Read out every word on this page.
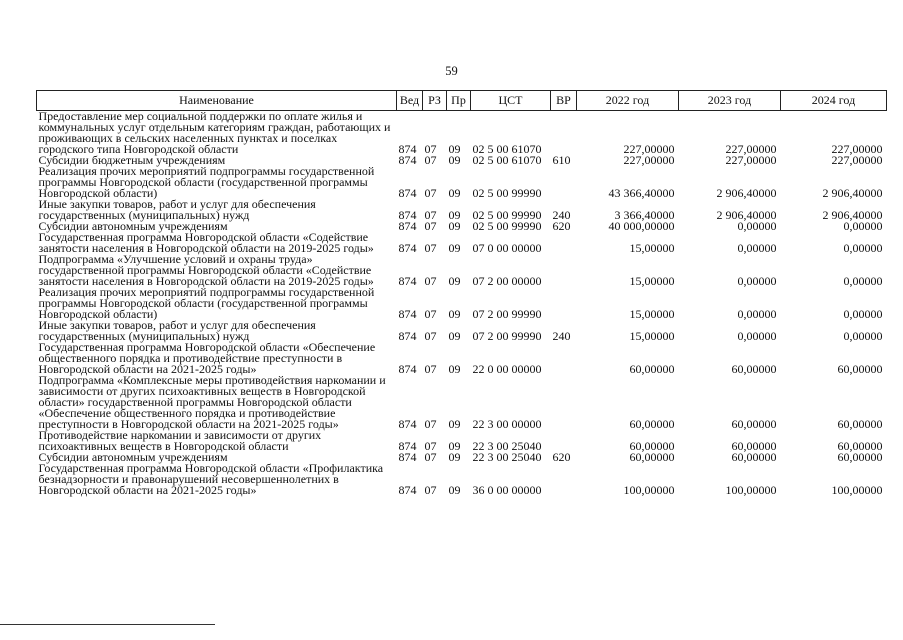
59
Наименование	Вед	РЗ	Пр	ЦСТ	ВР	2022 год	2023 год	2024 год
Предоставление мер социальной поддержки по оплате жилья и коммунальных услуг отдельным категориям граждан, работающих и проживающих в сельских населенных пунктах и поселках городского типа Новгородской области	874	07	09	02 5 00 61070		227,00000	227,00000	227,00000
Субсидии бюджетным учреждениям	874	07	09	02 5 00 61070	610	227,00000	227,00000	227,00000
Реализация прочих мероприятий подпрограммы государственной программы Новгородской области (государственной программы Новгородской области)	874	07	09	02 5 00 99990		43 366,40000	2 906,40000	2 906,40000
Иные закупки товаров, работ и услуг для обеспечения государственных (муниципальных) нужд	874	07	09	02 5 00 99990	240	3 366,40000	2 906,40000	2 906,40000
Субсидии автономным учреждениям	874	07	09	02 5 00 99990	620	40 000,00000	0,00000	0,00000
Государственная программа Новгородской области «Содействие занятости населения в Новгородской области на 2019-2025 годы»	874	07	09	07 0 00 00000		15,00000	0,00000	0,00000
Подпрограмма «Улучшение условий и охраны труда» государственной программы Новгородской области «Содействие занятости населения в Новгородской области на 2019-2025 годы»	874	07	09	07 2 00 00000		15,00000	0,00000	0,00000
Реализация прочих мероприятий подпрограммы государственной программы Новгородской области (государственной программы Новгородской области)	874	07	09	07 2 00 99990		15,00000	0,00000	0,00000
Иные закупки товаров, работ и услуг для обеспечения государственных (муниципальных) нужд	874	07	09	07 2 00 99990	240	15,00000	0,00000	0,00000
Государственная программа Новгородской области «Обеспечение общественного порядка и противодействие преступности в Новгородской области на 2021-2025 годы»	874	07	09	22 0 00 00000		60,00000	60,00000	60,00000
Подпрограмма «Комплексные меры противодействия наркомании и зависимости от других психоактивных веществ в Новгородской области» государственной программы Новгородской области «Обеспечение общественного порядка и противодействие преступности в Новгородской области на 2021-2025 годы»	874	07	09	22 3 00 00000		60,00000	60,00000	60,00000
Противодействие наркомании и зависимости от других психоактивных веществ в Новгородской области	874	07	09	22 3 00 25040		60,00000	60,00000	60,00000
Субсидии автономным учреждениям	874	07	09	22 3 00 25040	620	60,00000	60,00000	60,00000
Государственная программа Новгородской области «Профилактика безнадзорности и правонарушений несовершеннолетних в Новгородской области на 2021-2025 годы»	874	07	09	36 0 00 00000		100,00000	100,00000	100,00000
